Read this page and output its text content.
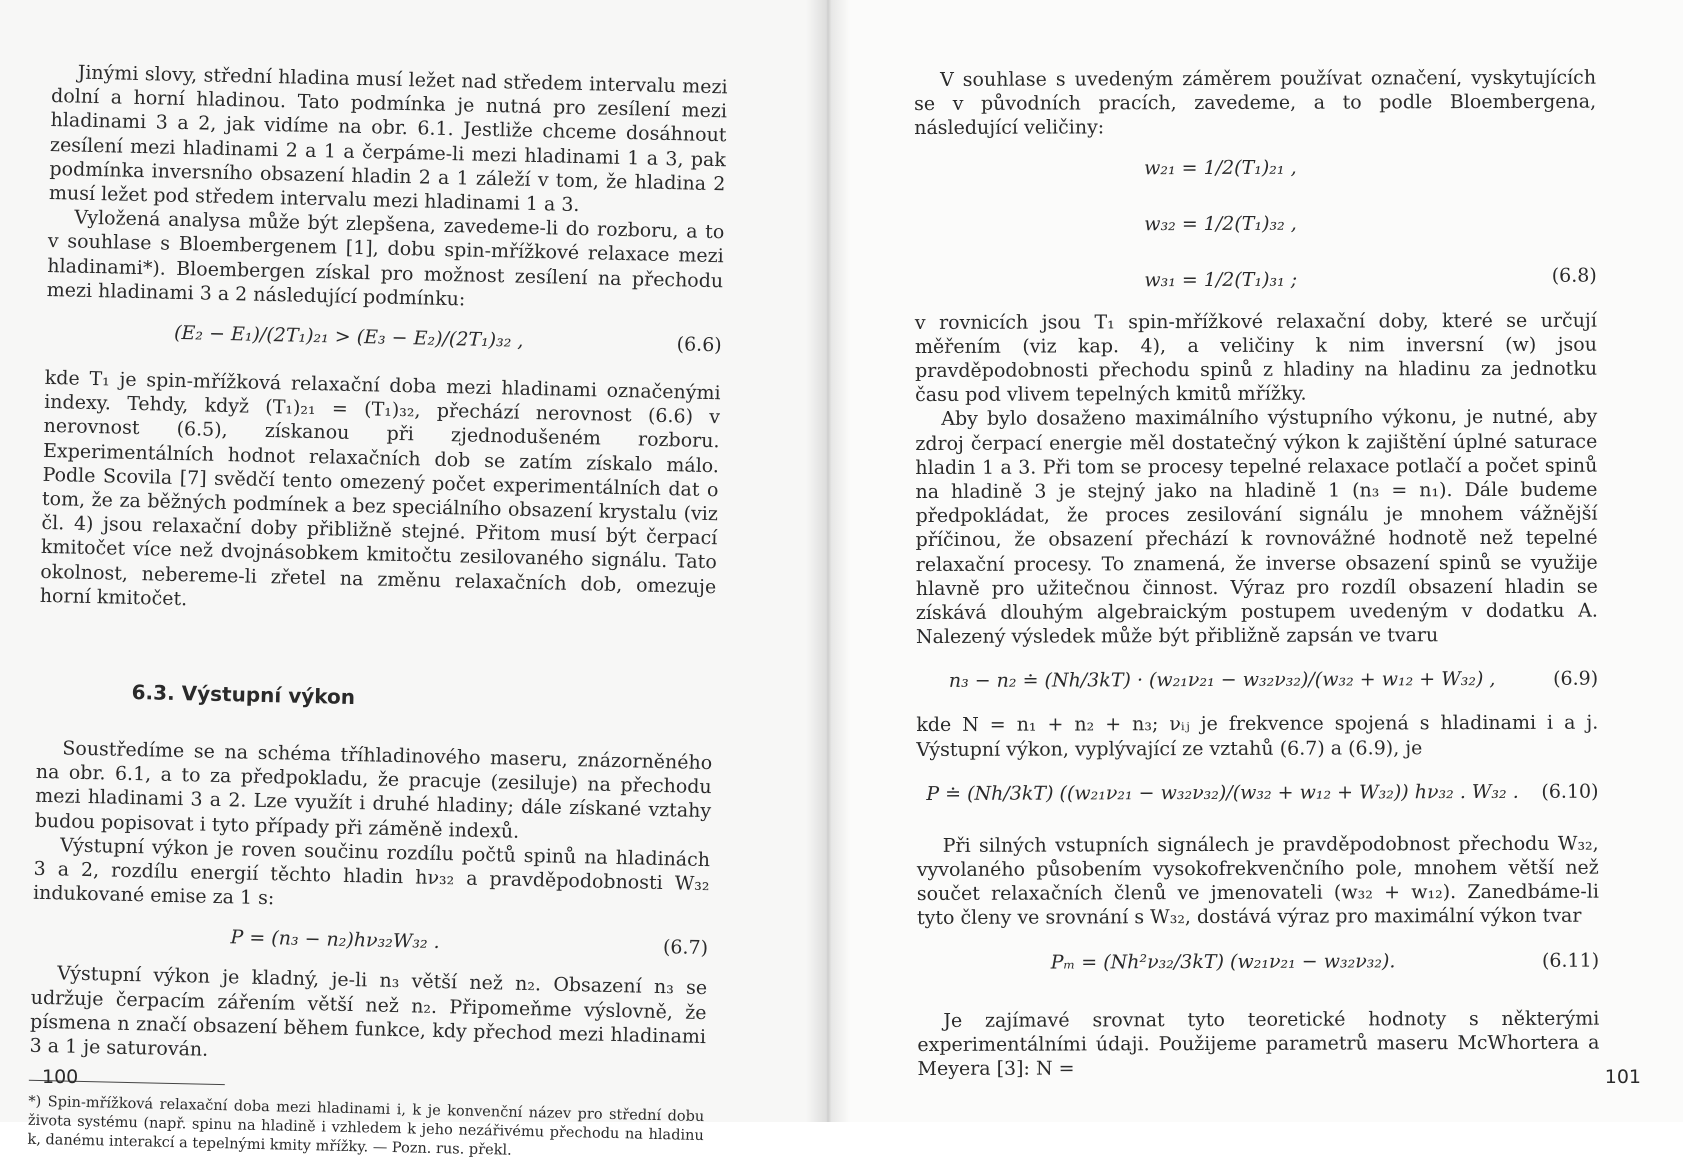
Jinými slovy, střední hladina musí ležet nad středem intervalu mezi dolní a horní hladinou. Tato podmínka je nutná pro zesílení mezi hladinami 3 a 2, jak vidíme na obr. 6.1. Jestliže chceme dosáhnout zesílení mezi hladinami 2 a 1 a čerpáme-li mezi hladinami 1 a 3, pak podmínka inversního obsazení hladin 2 a 1 záleží v tom, že hladina 2 musí ležet pod středem intervalu mezi hladinami 1 a 3.

Vyložená analysa může být zlepšena, zavedeme-li do rozboru, a to v souhlase s Bloembergenem [1], dobu spin-mřížkové relaxace mezi hladinami*). Bloembergen získal pro možnost zesílení na přechodu mezi hladinami 3 a 2 následující podmínku:

(E₂ − E₁)/(2T₁)₂₁ > (E₃ − E₂)/(2T₁)₃₂ ,	(6.6)

kde T₁ je spin-mřížková relaxační doba mezi hladinami označenými indexy. Tehdy, když (T₁)₂₁ = (T₁)₃₂, přechází nerovnost (6.6) v nerovnost (6.5), získanou při zjednodušeném rozboru. Experimentálních hodnot relaxačních dob se zatím získalo málo. Podle Scovila [7] svědčí tento omezený počet experimentálních dat o tom, že za běžných podmínek a bez speciálního obsazení krystalu (viz čl. 4) jsou relaxační doby přibližně stejné. Přitom musí být čerpací kmitočet více než dvojnásobkem kmitočtu zesilovaného signálu. Tato okolnost, nebereme-li zřetel na změnu relaxačních dob, omezuje horní kmitočet.

6.3. Výstupní výkon

Soustředíme se na schéma tříhladinového maseru, znázorněného na obr. 6.1, a to za předpokladu, že pracuje (zesiluje) na přechodu mezi hladinami 3 a 2. Lze využít i druhé hladiny; dále získané vztahy budou popisovat i tyto případy při záměně indexů.

Výstupní výkon je roven součinu rozdílu počtů spinů na hladinách 3 a 2, rozdílu energií těchto hladin hν₃₂ a pravděpodobnosti W₃₂ indukované emise za 1 s:

P = (n₃ − n₂)hν₃₂W₃₂ .	(6.7)

Výstupní výkon je kladný, je-li n₃ větší než n₂. Obsazení n₃ se udržuje čerpacím zářením větší než n₂. Připomeňme výslovně, že písmena n značí obsazení během funkce, kdy přechod mezi hladinami 3 a 1 je saturován.

*) Spin-mřížková relaxační doba mezi hladinami i, k je konvenční název pro střední dobu života systému (např. spinu na hladině i vzhledem k jeho nezářivému přechodu na hladinu k, danému interakcí a tepelnými kmity mřížky. — Pozn. rus. překl.
100

V souhlase s uvedeným záměrem používat označení, vyskytujících se v původních pracích, zavedeme, a to podle Bloembergena, následující veličiny:

w₂₁ = 1/2(T₁)₂₁ ,
w₃₂ = 1/2(T₁)₃₂ ,
w₃₁ = 1/2(T₁)₃₁ ;	(6.8)

v rovnicích jsou T₁ spin-mřížkové relaxační doby, které se určují měřením (viz kap. 4), a veličiny k nim inversní (w) jsou pravděpodobnosti přechodu spinů z hladiny na hladinu za jednotku času pod vlivem tepelných kmitů mřížky.

Aby bylo dosaženo maximálního výstupního výkonu, je nutné, aby zdroj čerpací energie měl dostatečný výkon k zajištění úplné saturace hladin 1 a 3. Při tom se procesy tepelné relaxace potlačí a počet spinů na hladině 3 je stejný jako na hladině 1 (n₃ = n₁). Dále budeme předpokládat, že proces zesilování signálu je mnohem vážnější příčinou, že obsazení přechází k rovnovážné hodnotě než tepelné relaxační procesy. To znamená, že inverse obsazení spinů se využije hlavně pro užitečnou činnost. Výraz pro rozdíl obsazení hladin se získává dlouhým algebraickým postupem uvedeným v dodatku A. Nalezený výsledek může být přibližně zapsán ve tvaru

n₃ − n₂ ≐ (Nh/3kT) · (w₂₁ν₂₁ − w₃₂ν₃₂)/(w₃₂ + w₁₂ + W₃₂) ,	(6.9)

kde N = n₁ + n₂ + n₃; νᵢⱼ je frekvence spojená s hladinami i a j. Výstupní výkon, vyplývající ze vztahů (6.7) a (6.9), je

P ≐ (Nh/3kT) ((w₂₁ν₂₁ − w₃₂ν₃₂)/(w₃₂ + w₁₂ + W₃₂)) hν₃₂ . W₃₂ .	(6.10)

Při silných vstupních signálech je pravděpodobnost přechodu W₃₂, vyvolaného působením vysokofrekvenčního pole, mnohem větší než součet relaxačních členů ve jmenovateli (w₃₂ + w₁₂). Zanedbáme-li tyto členy ve srovnání s W₃₂, dostává výraz pro maximální výkon tvar

Pₘ = (Nh²ν₃₂/3kT) (w₂₁ν₂₁ − w₃₂ν₃₂).	(6.11)

Je zajímavé srovnat tyto teoretické hodnoty s některými experimentálními údaji. Použijeme parametrů maseru McWhortera a Meyera [3]: N =	101
